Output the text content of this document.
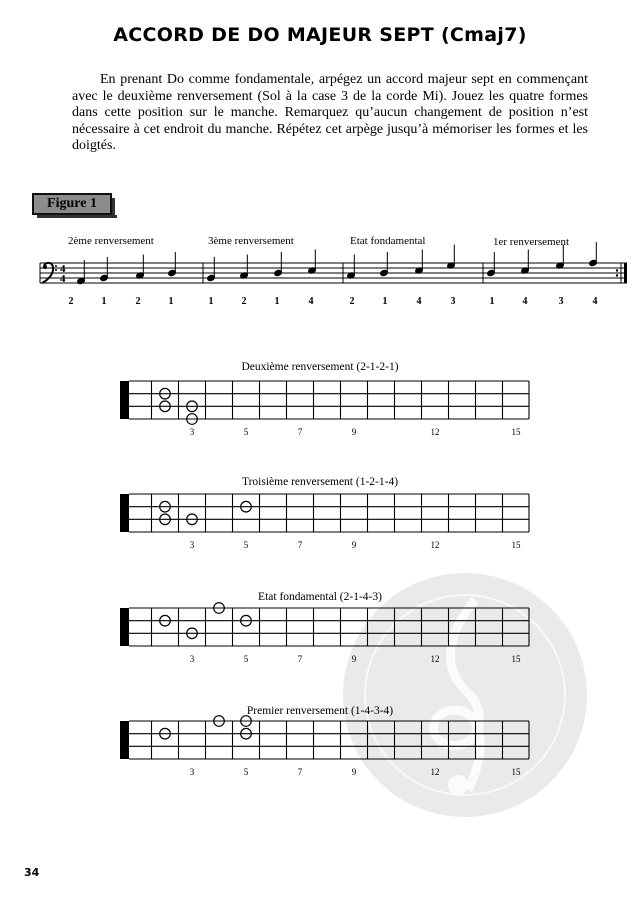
ACCORD DE DO MAJEUR SEPT (Cmaj7)
En prenant Do comme fondamentale, arpégez un accord majeur sept en commençant avec le deuxième renversement (Sol à la case 3 de la corde Mi). Jouez les quatre formes dans cette position sur le manche. Remarquez qu’aucun changement de position n’est nécessaire à cet endroit du manche. Répétez cet arpège jusqu’à mémoriser les formes et les doigtés.
Figure 1
4
4
2ème renversement	3ème renversement	Etat fondamental	1er renversement
2	1	2	1	1	2	1	4	2	1	4	3	1	4	3	4
Deuxième renversement (2-1-2-1)
3	5	7	9	12	15
Troisième renversement (1-2-1-4)
3	5	7	9	12	15
Etat fondamental (2-1-4-3)
3	5	7	9	12	15
Premier renversement (1-4-3-4)
3	5	7	9	12	15
34
